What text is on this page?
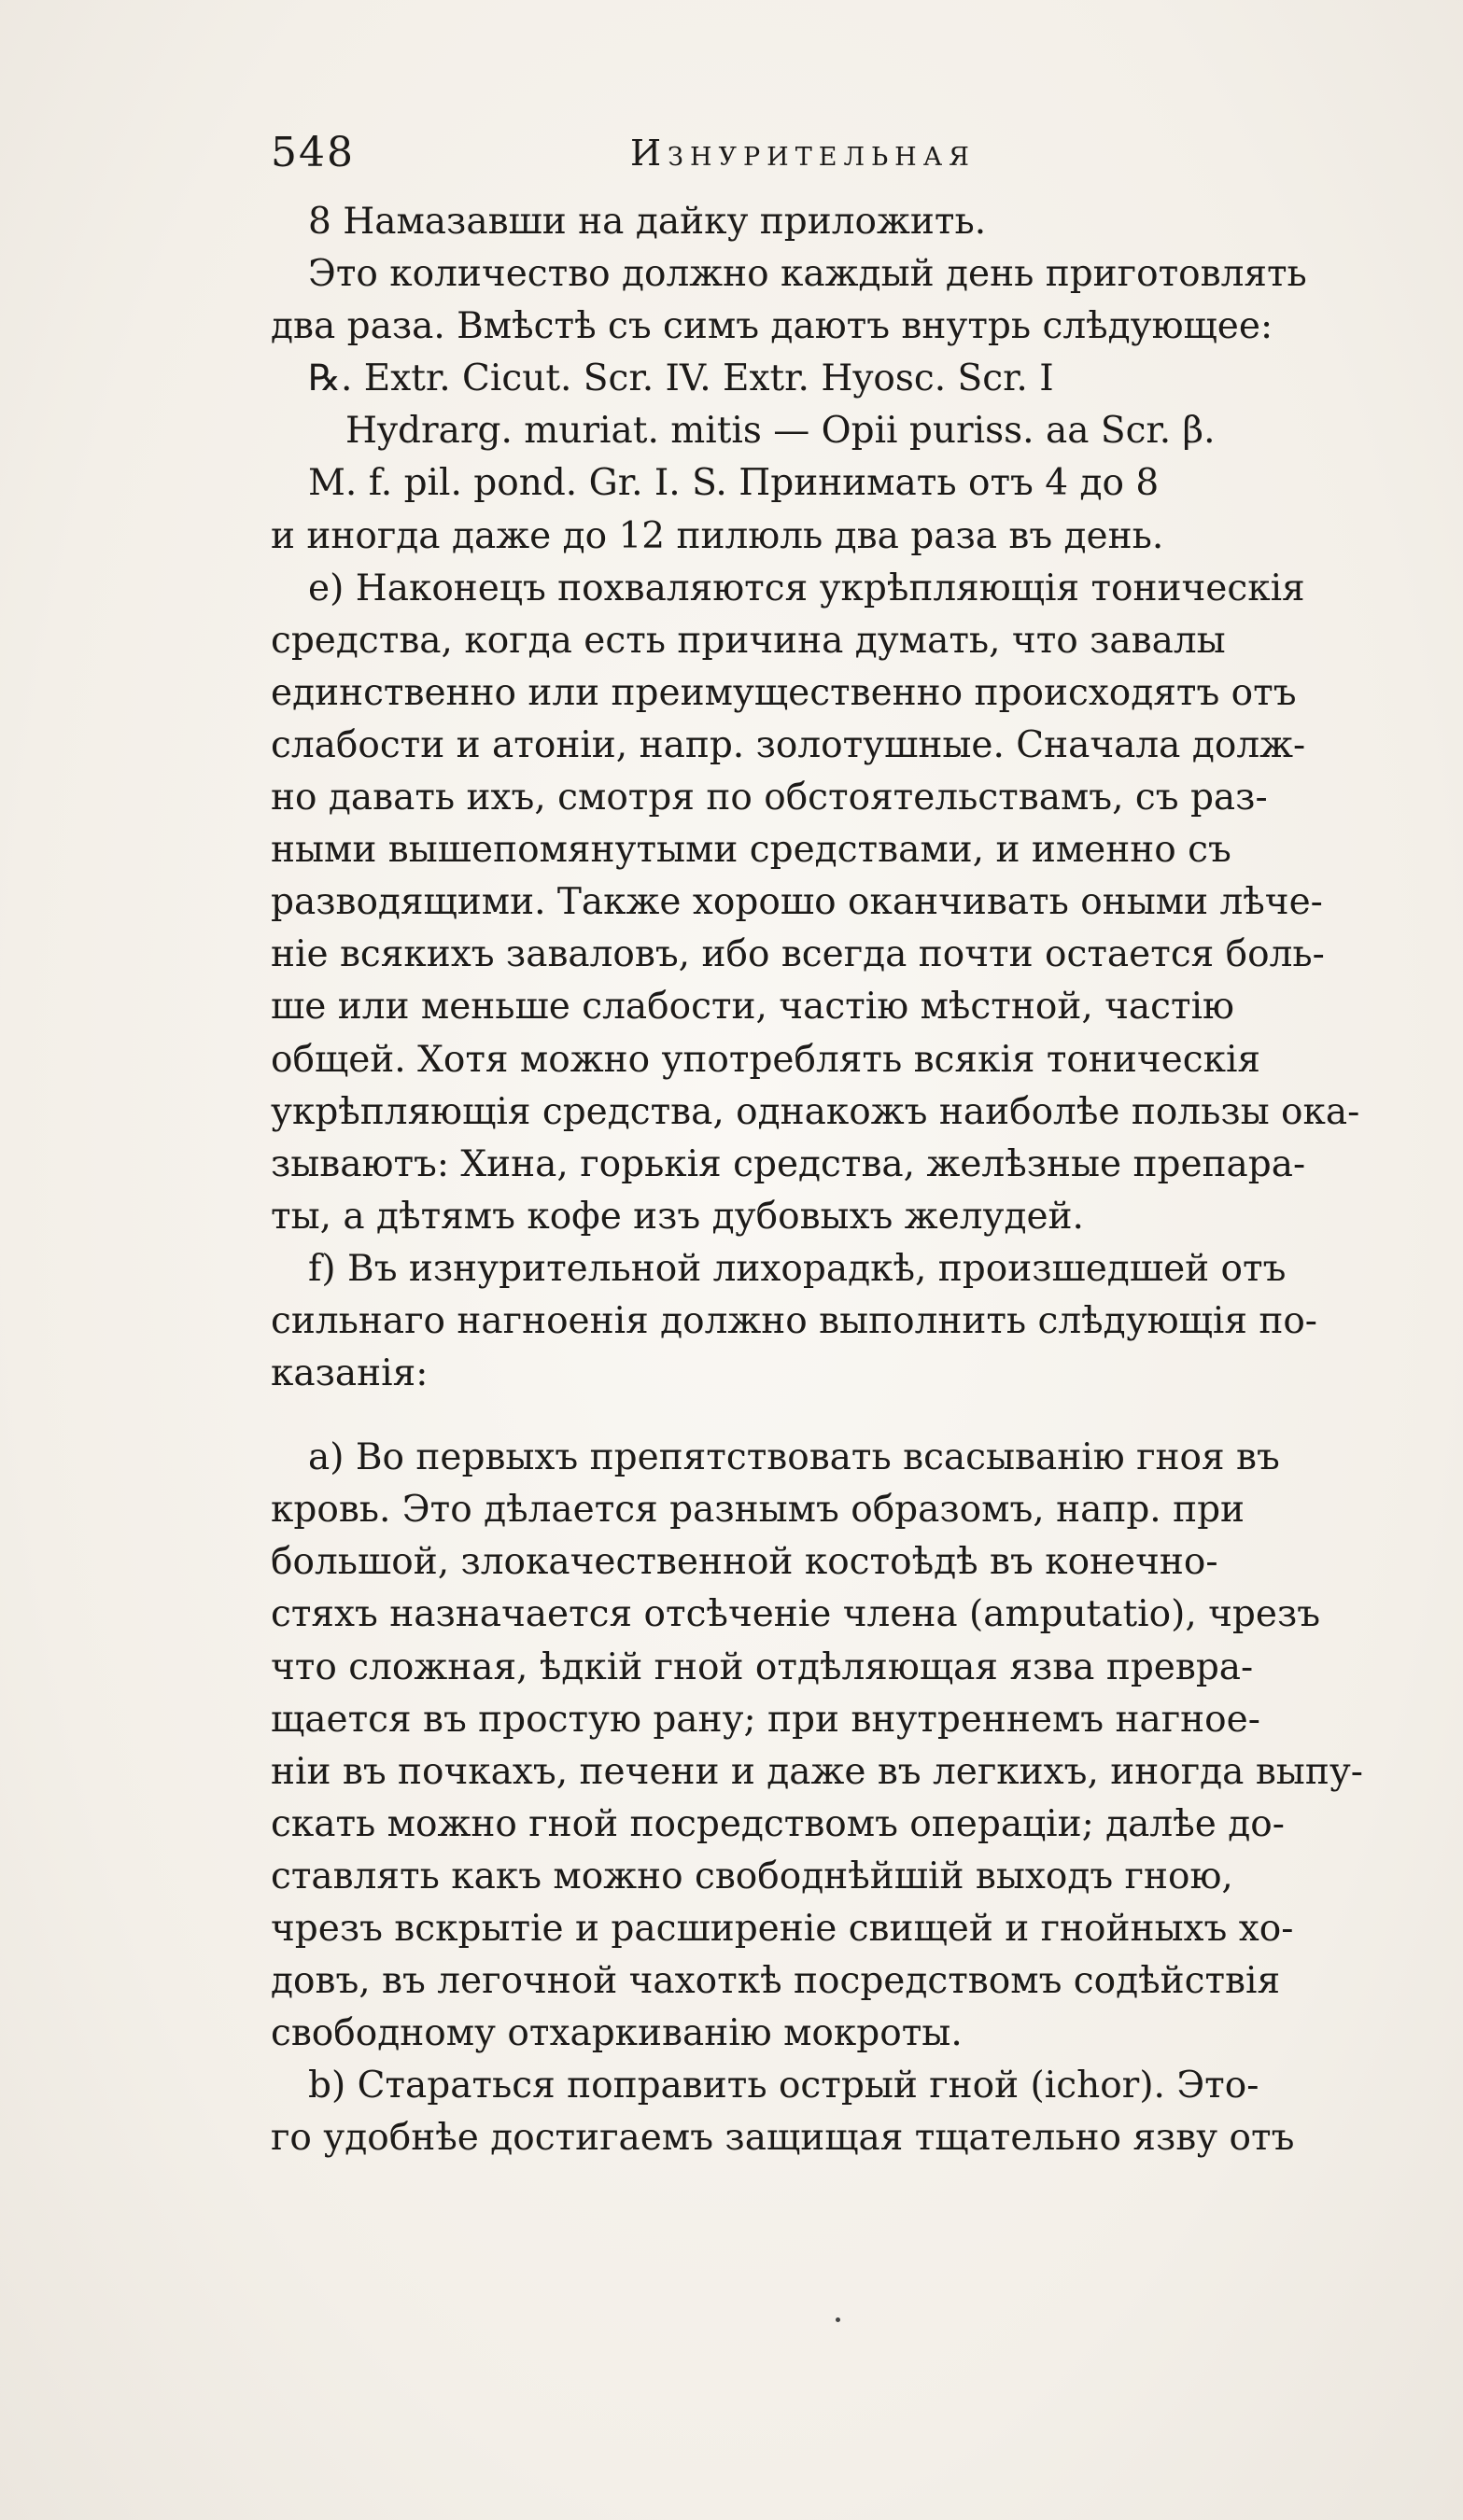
548	Изнурительная
8 Намазавши на дайку приложить.
Это количество должно каждый день приготовлять
два раза. Вмѣстѣ съ симъ даютъ внутрь слѣдующее:
℞. Extr. Cicut. Scr. IV. Extr. Hyosc. Scr. I
Hydrarg. muriat. mitis — Opii puriss. aa Scr. β.
M. f. pil. pond. Gr. I. S. Принимать отъ 4 до 8
и иногда даже до 12 пилюль два раза въ день.
e) Наконецъ похваляются укрѣпляющія тоническія
средства, когда есть причина думать, что завалы
единственно или преимущественно происходятъ отъ
слабости и атоніи, напр. золотушные. Сначала долж-
но давать ихъ, смотря по обстоятельствамъ, съ раз-
ными вышепомянутыми средствами, и именно съ
разводящими. Также хорошо оканчивать оными лѣче-
ніе всякихъ заваловъ, ибо всегда почти остается боль-
ше или меньше слабости, частію мѣстной, частію
общей. Хотя можно употреблять всякія тоническія
укрѣпляющія средства, однакожъ наиболѣе пользы ока-
зываютъ: Хина, горькія средства, желѣзные препара-
ты, а дѣтямъ кофе изъ дубовыхъ желудей.
f) Въ изнурительной лихорадкѣ, произшедшей отъ
сильнаго нагноенія должно выполнить слѣдующія по-
казанія:
a) Во первыхъ препятствовать всасыванію гноя въ
кровь. Это дѣлается разнымъ образомъ, напр. при
большой, злокачественной костоѣдѣ въ конечно-
стяхъ назначается отсѣченіе члена (amputatio), чрезъ
что сложная, ѣдкій гной отдѣляющая язва превра-
щается въ простую рану; при внутреннемъ нагное-
ніи въ почкахъ, печени и даже въ легкихъ, иногда выпу-
скать можно гной посредствомъ операціи; далѣе до-
ставлять какъ можно свободнѣйшій выходъ гною,
чрезъ вскрытіе и расширеніе свищей и гнойныхъ хо-
довъ, въ легочной чахоткѣ посредствомъ содѣйствія
свободному отхаркиванію мокроты.
b) Стараться поправить острый гной (ichor). Это-
го удобнѣе достигаемъ защищая тщательно язву отъ
